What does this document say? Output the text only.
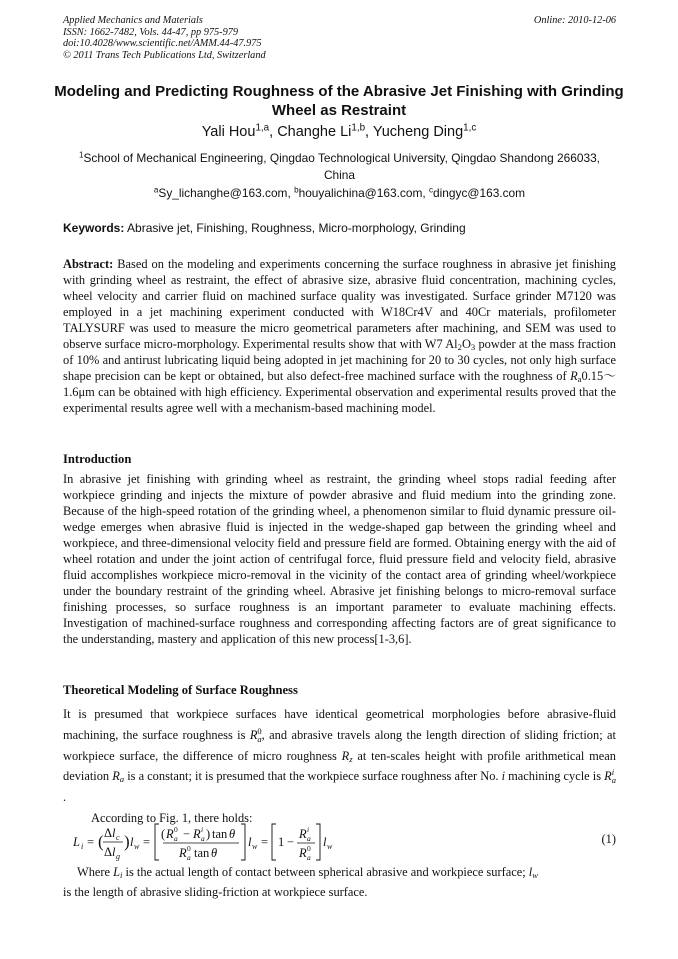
Applied Mechanics and Materials
ISSN: 1662-7482, Vols. 44-47, pp 975-979
doi:10.4028/www.scientific.net/AMM.44-47.975
© 2011 Trans Tech Publications Ltd, Switzerland
Online: 2010-12-06
Modeling and Predicting Roughness of the Abrasive Jet Finishing with Grinding Wheel as Restraint
Yali Hou$^{1,a}$, Changhe Li$^{1,b}$, Yucheng Ding$^{1,c}$
$^1$School of Mechanical Engineering, Qingdao Technological University, Qingdao Shandong 266033, China
$^a$Sy_lichanghe@163.com, $^b$houyalichina@163.com, $^c$dingyc@163.com
Keywords: Abrasive jet, Finishing, Roughness, Micro-morphology, Grinding
Abstract: Based on the modeling and experiments concerning the surface roughness in abrasive jet finishing with grinding wheel as restraint, the effect of abrasive size, abrasive fluid concentration, machining cycles, wheel velocity and carrier fluid on machined surface quality was investigated. Surface grinder M7120 was employed in a jet machining experiment conducted with W18Cr4V and 40Cr materials, profilometer TALYSURF was used to measure the micro geometrical parameters after machining, and SEM was used to observe surface micro-morphology. Experimental results show that with W7 $Al_2O_3$ powder at the mass fraction of 10% and antirust lubricating liquid being adopted in jet machining for 20 to 30 cycles, not only high surface shape precision can be kept or obtained, but also defect-free machined surface with the roughness of $R_a0.15\sim 1.6\mu m$ can be obtained with high efficiency. Experimental observation and experimental results proved that the experimental results agree well with a mechanism-based machining model.
Introduction
In abrasive jet finishing with grinding wheel as restraint, the grinding wheel stops radial feeding after workpiece grinding and injects the mixture of powder abrasive and fluid medium into the grinding zone. Because of the high-speed rotation of the grinding wheel, a phenomenon similar to fluid dynamic pressure oil-wedge emerges when abrasive fluid is injected in the wedge-shaped gap between the grinding wheel and workpiece, and three-dimensional velocity field and pressure field are formed. Obtaining energy with the aid of wheel rotation and under the joint action of centrifugal force, fluid pressure field and velocity field, abrasive fluid accomplishes workpiece micro-removal in the vicinity of the contact area of grinding wheel/workpiece under the boundary restraint of the grinding wheel. Abrasive jet finishing belongs to micro-removal surface finishing processes, so surface roughness is an important parameter to evaluate machining effects. Investigation of machined-surface roughness and corresponding affecting factors are of great significance to the understanding, mastery and application of this new process[1-3,6].
Theoretical Modeling of Surface Roughness
It is presumed that workpiece surfaces have identical geometrical morphologies before abrasive-fluid machining, the surface roughness is R 0
a , and abrasive travels along the length direction of sliding friction; at workpiece surface, the difference of micro roughness $R_z$ at ten-scales height with profile arithmetical mean deviation $R_a$ is a constant; it is presumed that the workpiece surface roughness after No. i machining cycle is R i
a
.
According to Fig. 1, there holds:
L i = ( Δ l c
Δ l g
) l w =
( R 0
a − R i
a ) tan θ
R 0
a tan θ
l w = 1 −
R i
a
R 0
a
l w
(1)
Where $L_i$ is the actual length of contact between spherical abrasive and workpiece surface; $l_w$
is the length of abrasive sliding-friction at workpiece surface.
